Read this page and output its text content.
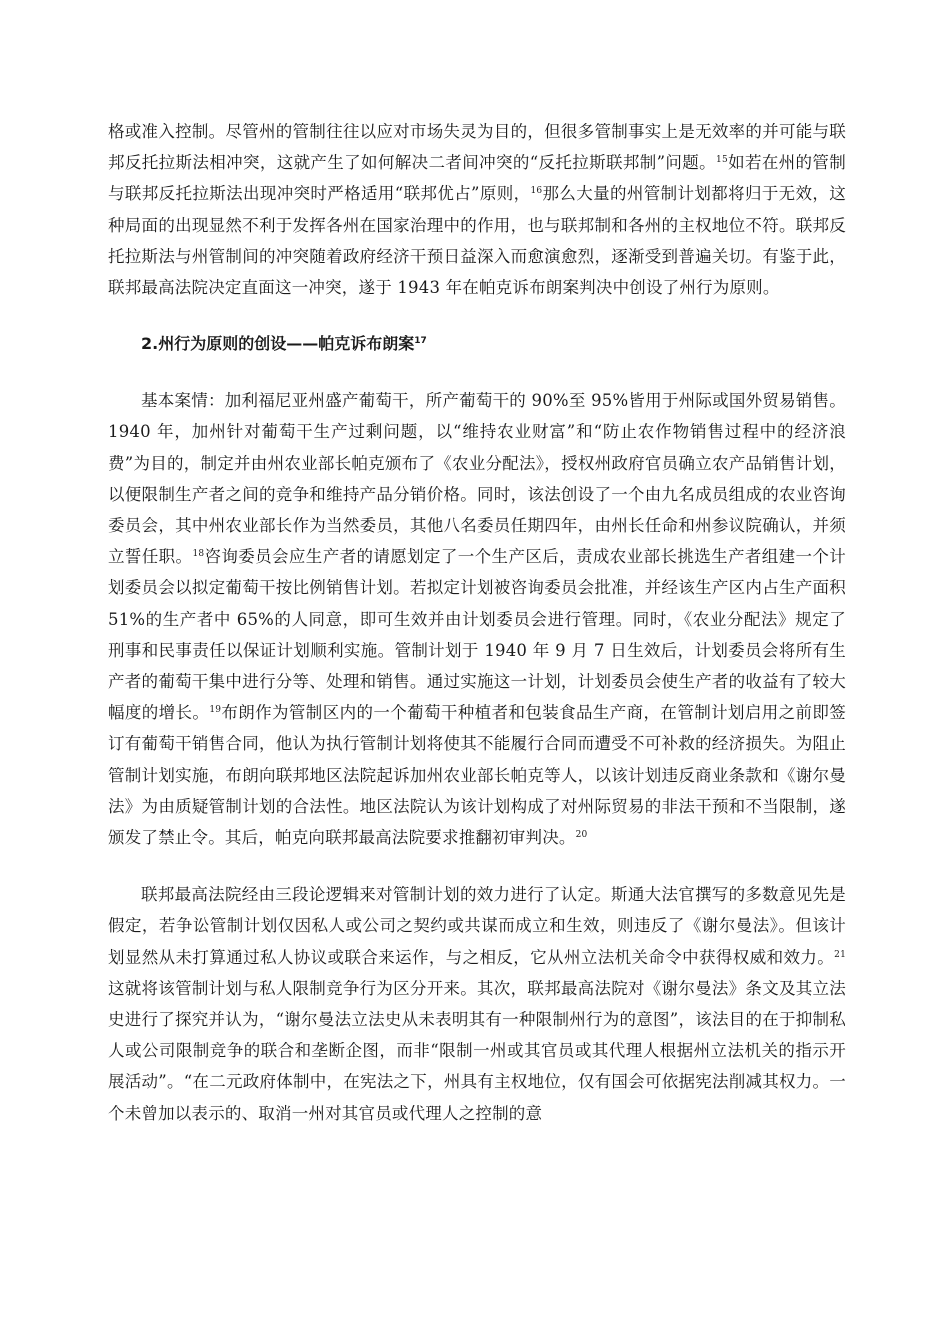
格或准入控制。尽管州的管制往往以应对市场失灵为目的，但很多管制事实上是无效率的并可能与联邦反托拉斯法相冲突，这就产生了如何解决二者间冲突的“反托拉斯联邦制”问题。$^{15}$如若在州的管制与联邦反托拉斯法出现冲突时严格适用“联邦优占”原则，$^{16}$那么大量的州管制计划都将归于无效，这种局面的出现显然不利于发挥各州在国家治理中的作用，也与联邦制和各州的主权地位不符。联邦反托拉斯法与州管制间的冲突随着政府经济干预日益深入而愈演愈烈，逐渐受到普遍关切。有鉴于此，联邦最高法院决定直面这一冲突，遂于 1943 年在帕克诉布朗案判决中创设了州行为原则。

2.州行为原则的创设——帕克诉布朗案$^{17}$

基本案情：加利福尼亚州盛产葡萄干，所产葡萄干的 90%至 95%皆用于州际或国外贸易销售。1940 年，加州针对葡萄干生产过剩问题，以“维持农业财富”和“防止农作物销售过程中的经济浪费”为目的，制定并由州农业部长帕克颁布了《农业分配法》，授权州政府官员确立农产品销售计划，以便限制生产者之间的竞争和维持产品分销价格。同时，该法创设了一个由九名成员组成的农业咨询委员会，其中州农业部长作为当然委员，其他八名委员任期四年，由州长任命和州参议院确认，并须立誓任职。$^{18}$咨询委员会应生产者的请愿划定了一个生产区后，责成农业部长挑选生产者组建一个计划委员会以拟定葡萄干按比例销售计划。若拟定计划被咨询委员会批准，并经该生产区内占生产面积 51%的生产者中 65%的人同意，即可生效并由计划委员会进行管理。同时，《农业分配法》规定了刑事和民事责任以保证计划顺利实施。管制计划于 1940 年 9 月 7 日生效后，计划委员会将所有生产者的葡萄干集中进行分等、处理和销售。通过实施这一计划，计划委员会使生产者的收益有了较大幅度的增长。$^{19}$布朗作为管制区内的一个葡萄干种植者和包装食品生产商，在管制计划启用之前即签订有葡萄干销售合同，他认为执行管制计划将使其不能履行合同而遭受不可补救的经济损失。为阻止管制计划实施，布朗向联邦地区法院起诉加州农业部长帕克等人，以该计划违反商业条款和《谢尔曼法》为由质疑管制计划的合法性。地区法院认为该计划构成了对州际贸易的非法干预和不当限制，遂颁发了禁止令。其后，帕克向联邦最高法院要求推翻初审判决。$^{20}$

联邦最高法院经由三段论逻辑来对管制计划的效力进行了认定。斯通大法官撰写的多数意见先是假定，若争讼管制计划仅因私人或公司之契约或共谋而成立和生效，则违反了《谢尔曼法》。但该计划显然从未打算通过私人协议或联合来运作，与之相反，它从州立法机关命令中获得权威和效力。$^{21}$这就将该管制计划与私人限制竞争行为区分开来。其次，联邦最高法院对《谢尔曼法》条文及其立法史进行了探究并认为，“谢尔曼法立法史从未表明其有一种限制州行为的意图”，该法目的在于抑制私人或公司限制竞争的联合和垄断企图，而非“限制一州或其官员或其代理人根据州立法机关的指示开展活动”。“在二元政府体制中，在宪法之下，州具有主权地位，仅有国会可依据宪法削减其权力。一个未曾加以表示的、取消一州对其官员或代理人之控制的意
